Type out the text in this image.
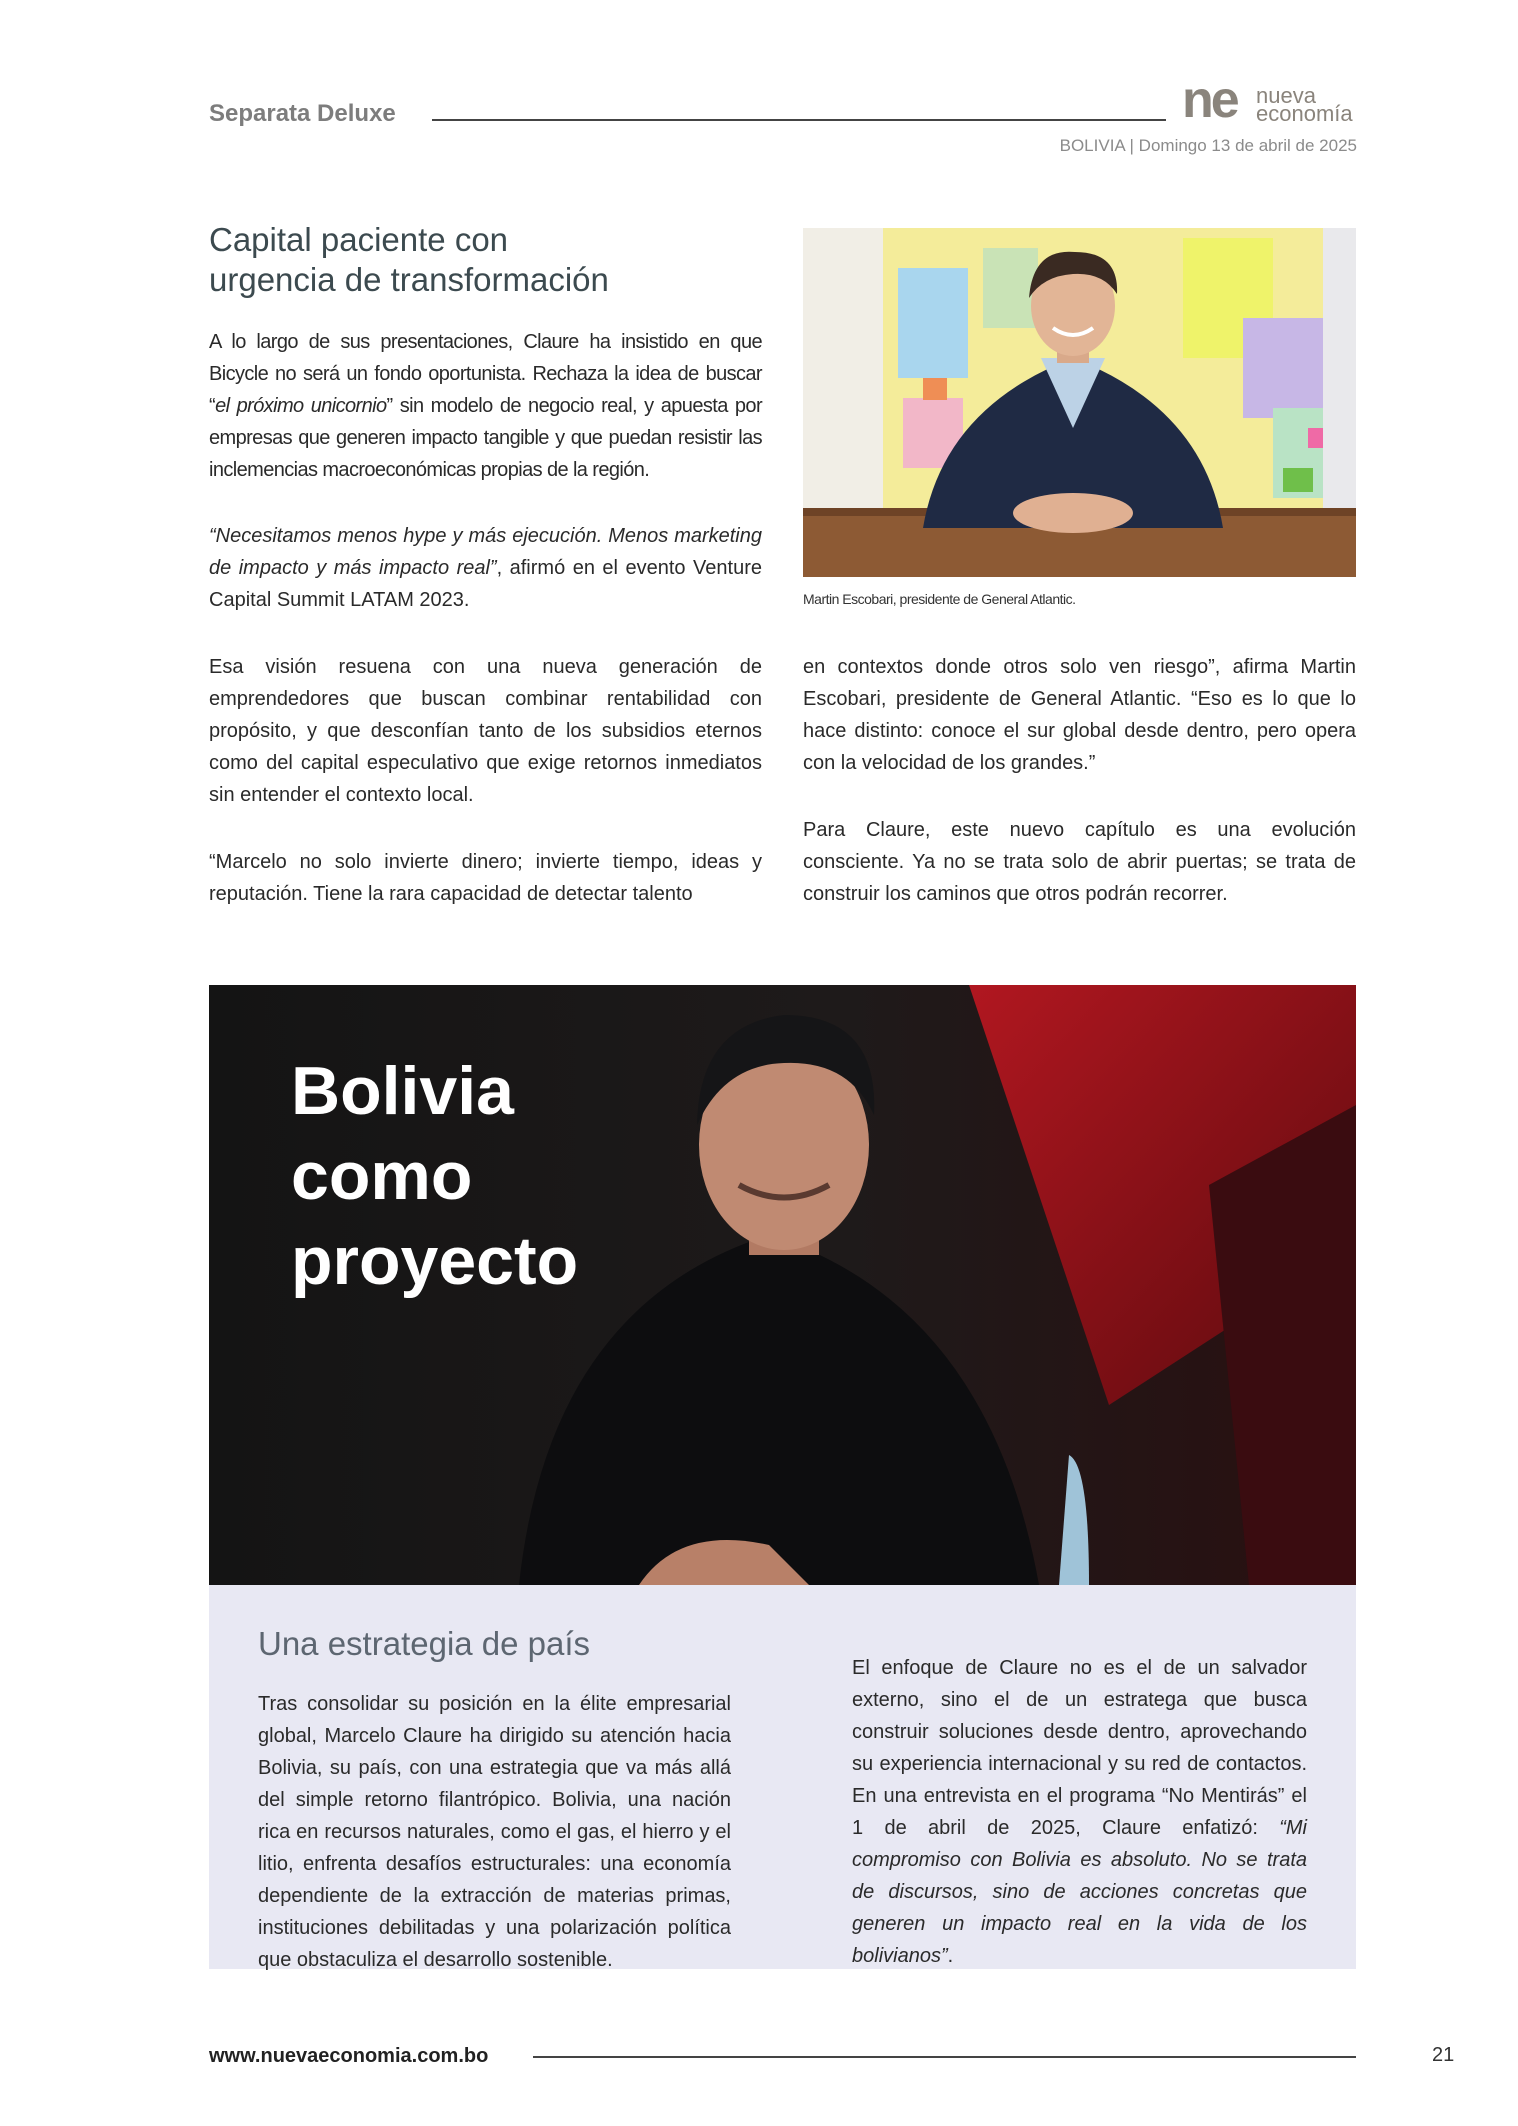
Separata Deluxe	ne nueva
economía
BOLIVIA | Domingo 13 de abril de 2025
Capital paciente con
urgencia de transformación

A lo largo de sus presentaciones, Claure ha insistido en que Bicycle no será un fondo oportunista. Rechaza la idea de buscar “el próximo unicornio” sin modelo de negocio real, y apuesta por empresas que generen impacto tangible y que puedan resistir las inclemencias macroeconómicas propias de la región.

“Necesitamos menos hype y más ejecución. Menos marketing de impacto y más impacto real”, afirmó en el evento Venture Capital Summit LATAM 2023.

Esa visión resuena con una nueva generación de emprendedores que buscan combinar rentabilidad con propósito, y que desconfían tanto de los subsidios eternos como del capital especulativo que exige retornos inmediatos sin entender el contexto local.

“Marcelo no solo invierte dinero; invierte tiempo, ideas y reputación. Tiene la rara capacidad de detectar talento

Martin Escobari, presidente de General Atlantic.

en contextos donde otros solo ven riesgo”, afirma Martin Escobari, presidente de General Atlantic. “Eso es lo que lo hace distinto: conoce el sur global desde dentro, pero opera con la velocidad de los grandes.”

Para Claure, este nuevo capítulo es una evolución consciente. Ya no se trata solo de abrir puertas; se trata de construir los caminos que otros podrán recorrer.

Bolivia
como
proyecto
Una estrategia de país

Tras consolidar su posición en la élite empresarial global, Marcelo Claure ha dirigido su atención hacia Bolivia, su país, con una estrategia que va más allá del simple retorno filantrópico. Bolivia, una nación rica en recursos naturales, como el gas, el hierro y el litio, enfrenta desafíos estructurales: una economía dependiente de la extracción de materias primas, instituciones debilitadas y una polarización política que obstaculiza el desarrollo sostenible.

El enfoque de Claure no es el de un salvador externo, sino el de un estratega que busca construir soluciones desde dentro, aprovechando su experiencia internacional y su red de contactos. En una entrevista en el programa “No Mentirás” el 1 de abril de 2025, Claure enfatizó: “Mi compromiso con Bolivia es absoluto. No se trata de discursos, sino de acciones concretas que generen un impacto real en la vida de los bolivianos”.

www.nuevaeconomia.com.bo	21
